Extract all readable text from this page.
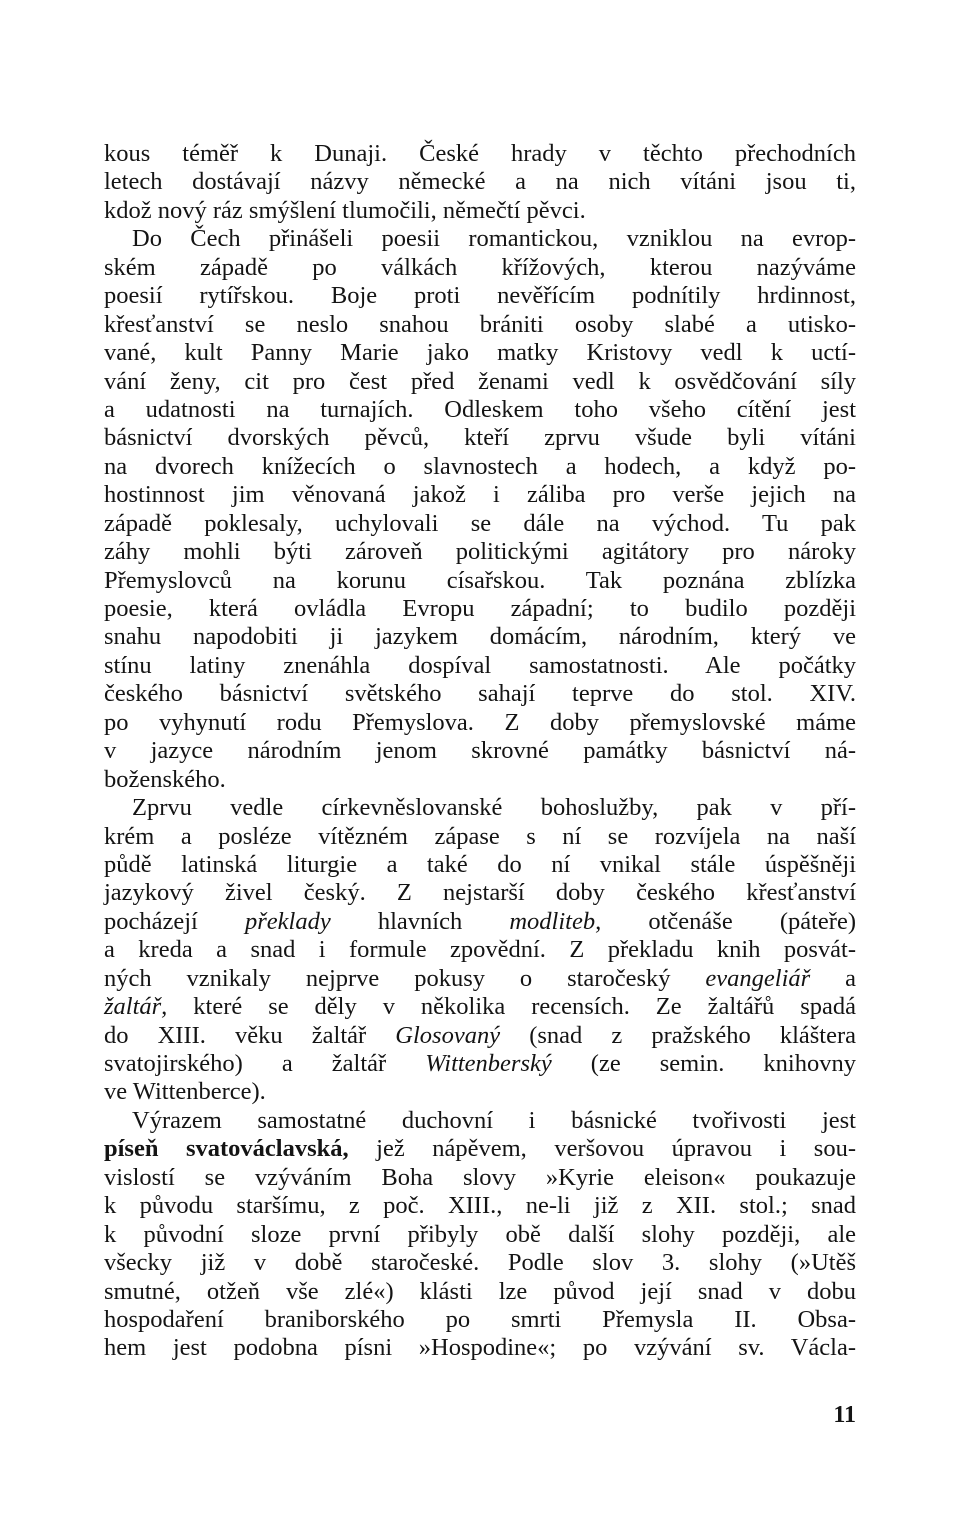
kous téměř k Dunaji. České hrady v těchto přechodních
letech dostávají názvy německé a na nich vítáni jsou ti,
kdož nový ráz smýšlení tlumočili, němečtí pěvci.
Do Čech přinášeli poesii romantickou, vzniklou na evrop-
ském západě po válkách křížových, kterou nazýváme
poesií rytířskou. Boje proti nevěřícím podnítily hrdinnost,
křesťanství se neslo snahou brániti osoby slabé a utisko-
vané, kult Panny Marie jako matky Kristovy vedl k uctí-
vání ženy, cit pro čest před ženami vedl k osvědčování síly
a udatnosti na turnajích. Odleskem toho všeho cítění jest
básnictví dvorských pěvců, kteří zprvu všude byli vítáni
na dvorech knížecích o slavnostech a hodech, a když po-
hostinnost jim věnovaná jakož i záliba pro verše jejich na
západě poklesaly, uchylovali se dále na východ. Tu pak
záhy mohli býti zároveň politickými agitátory pro nároky
Přemyslovců na korunu císařskou. Tak poznána zblízka
poesie, která ovládla Evropu západní; to budilo později
snahu napodobiti ji jazykem domácím, národním, který ve
stínu latiny znenáhla dospíval samostatnosti. Ale počátky
českého básnictví světského sahají teprve do stol. XIV.
po vyhynutí rodu Přemyslova. Z doby přemyslovské máme
v jazyce národním jenom skrovné památky básnictví ná-
boženského.
Zprvu vedle církevněslovanské bohoslužby, pak v pří-
krém a posléze vítězném zápase s ní se rozvíjela na naší
půdě latinská liturgie a také do ní vnikal stále úspěšněji
jazykový živel český. Z nejstarší doby českého křesťanství
pocházejí překlady hlavních modliteb, otčenáše (páteře)
a kreda a snad i formule zpovědní. Z překladu knih posvát-
ných vznikaly nejprve pokusy o staročeský evangeliář a
žaltář, které se děly v několika recensích. Ze žaltářů spadá
do XIII. věku žaltář Glosovaný (snad z pražského kláštera
svatojirského) a žaltář Wittenberský (ze semin. knihovny
ve Wittenberce).
Výrazem samostatné duchovní i básnické tvořivosti jest
píseň svatováclavská, jež nápěvem, veršovou úpravou i sou-
vislostí se vzýváním Boha slovy »Kyrie eleison« poukazuje
k původu staršímu, z poč. XIII., ne-li již z XII. stol.; snad
k původní sloze první přibyly obě další slohy později, ale
všecky již v době staročeské. Podle slov 3. slohy (»Utěš
smutné, otžeň vše zlé«) klásti lze původ její snad v dobu
hospodaření braniborského po smrti Přemysla II. Obsa-
hem jest podobna písni »Hospodine«; po vzývání sv. Václa-
11
